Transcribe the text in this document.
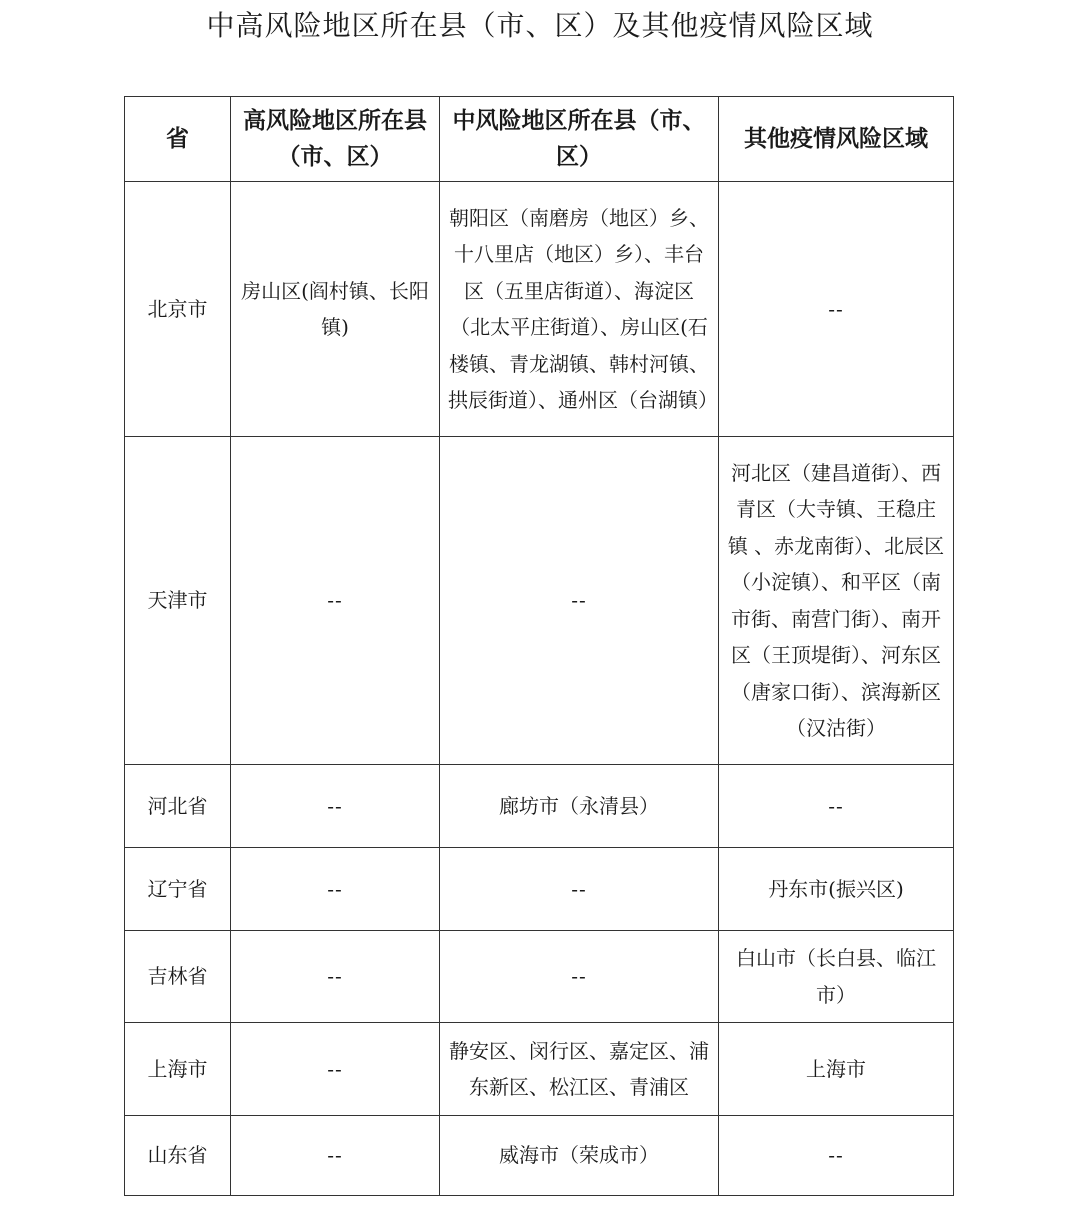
中高风险地区所在县（市、区）及其他疫情风险区域
省	高风险地区所在县（市、区）	中风险地区所在县（市、区）	其他疫情风险区域
北京市	房山区(阎村镇、长阳镇)	朝阳区（南磨房（地区）乡、十八里店（地区）乡）、丰台区（五里店街道）、海淀区（北太平庄街道）、房山区(石楼镇、青龙湖镇、韩村河镇、拱辰街道）、通州区（台湖镇）	--
天津市	--	--	河北区（建昌道街）、西青区（大寺镇、王稳庄镇 、赤龙南街）、北辰区（小淀镇）、和平区（南市街、南营门街）、南开区（王顶堤街）、河东区（唐家口街）、滨海新区（汉沽街）
河北省	--	廊坊市（永清县）	--
辽宁省	--	--	丹东市(振兴区)
吉林省	--	--	白山市（长白县、临江市）
上海市	--	静安区、闵行区、嘉定区、浦东新区、松江区、青浦区	上海市
山东省	--	威海市（荣成市）	--
